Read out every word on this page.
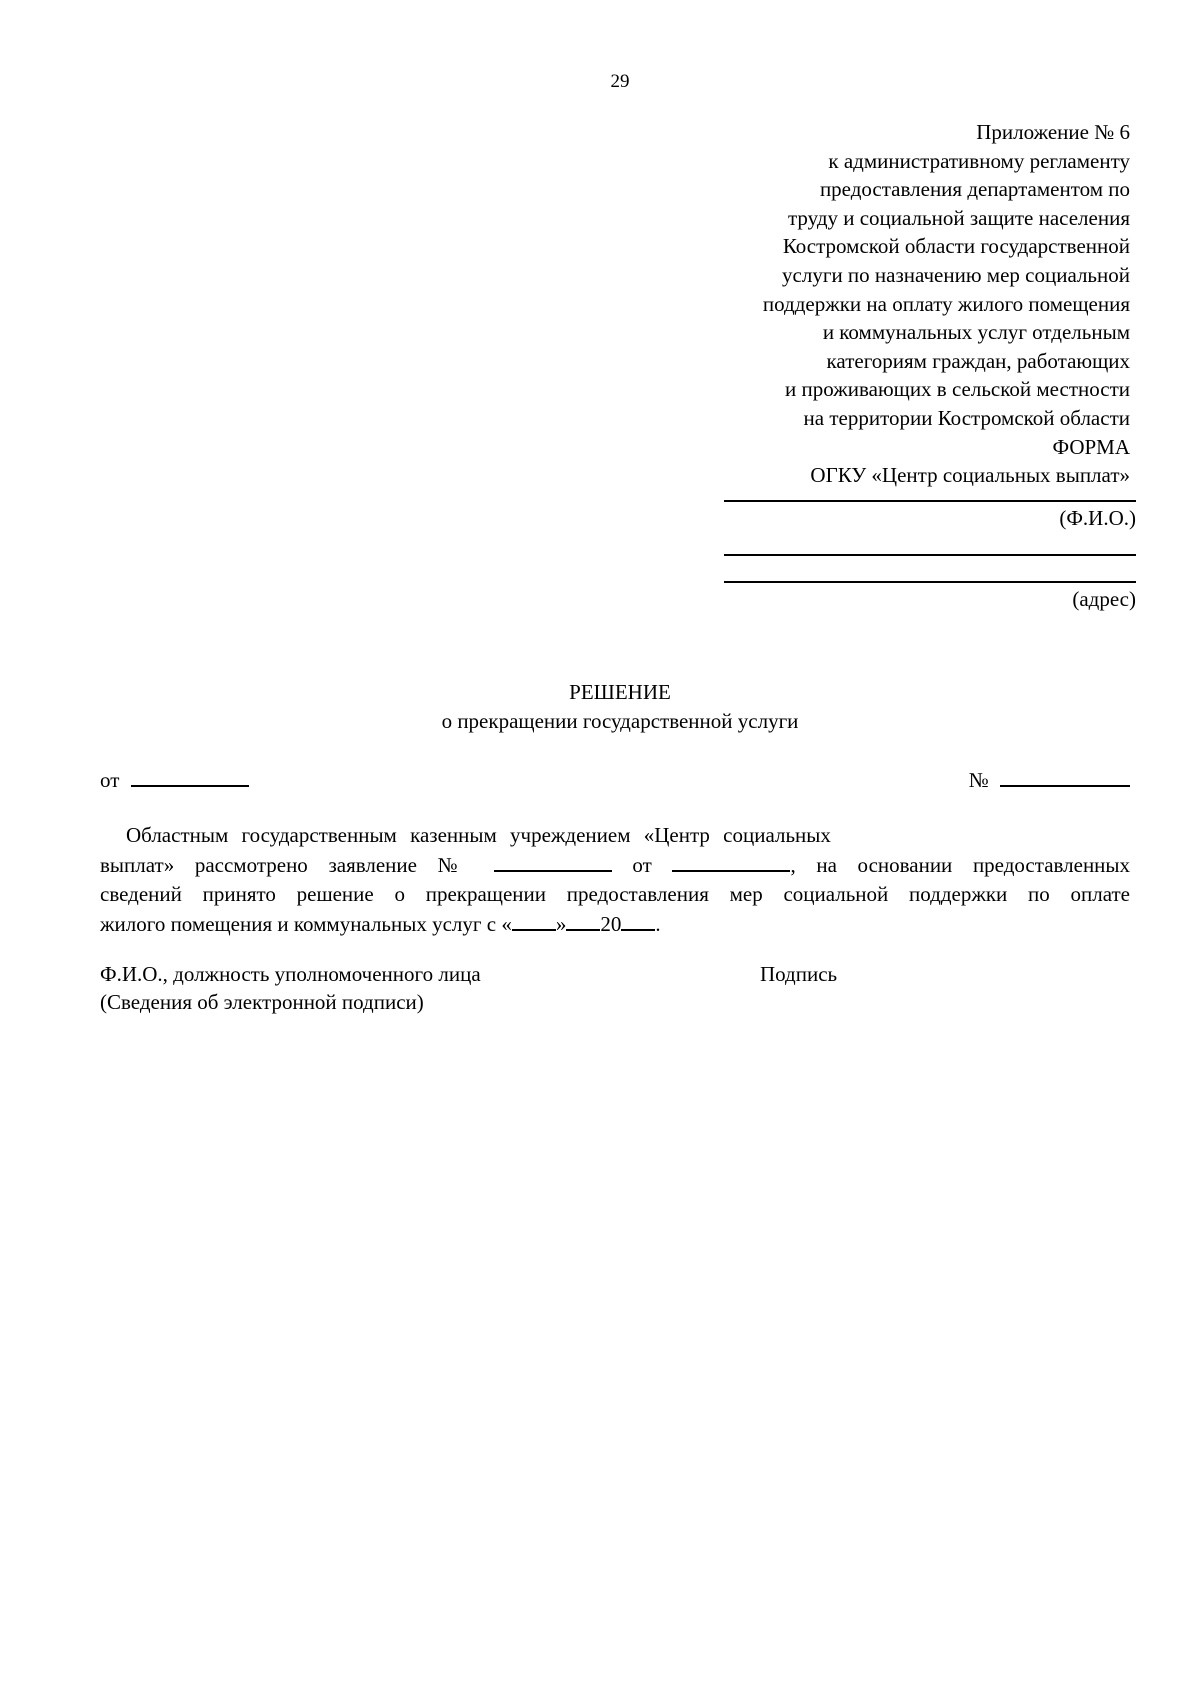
29
Приложение № 6
к административному регламенту
предоставления департаментом по
труду и социальной защите населения
Костромской области государственной
услуги по назначению мер социальной
поддержки на оплату жилого помещения
и коммунальных услуг отдельным
категориям граждан, работающих
и проживающих в сельской местности
на территории Костромской области
ФОРМА
ОГКУ «Центр социальных выплат»
(Ф.И.О.)
(адрес)
РЕШЕНИЕ
о прекращении государственной услуги
от	№
Областным государственным казенным учреждением «Центр социальных
выплат» рассмотрено заявление №	от	, на основании предоставленных
сведений принято решение о прекращении предоставления мер социальной поддержки по оплате
жилого помещения и коммунальных услуг с « » 20 .
Ф.И.О., должность уполномоченного лица	Подпись
(Сведения об электронной подписи)
